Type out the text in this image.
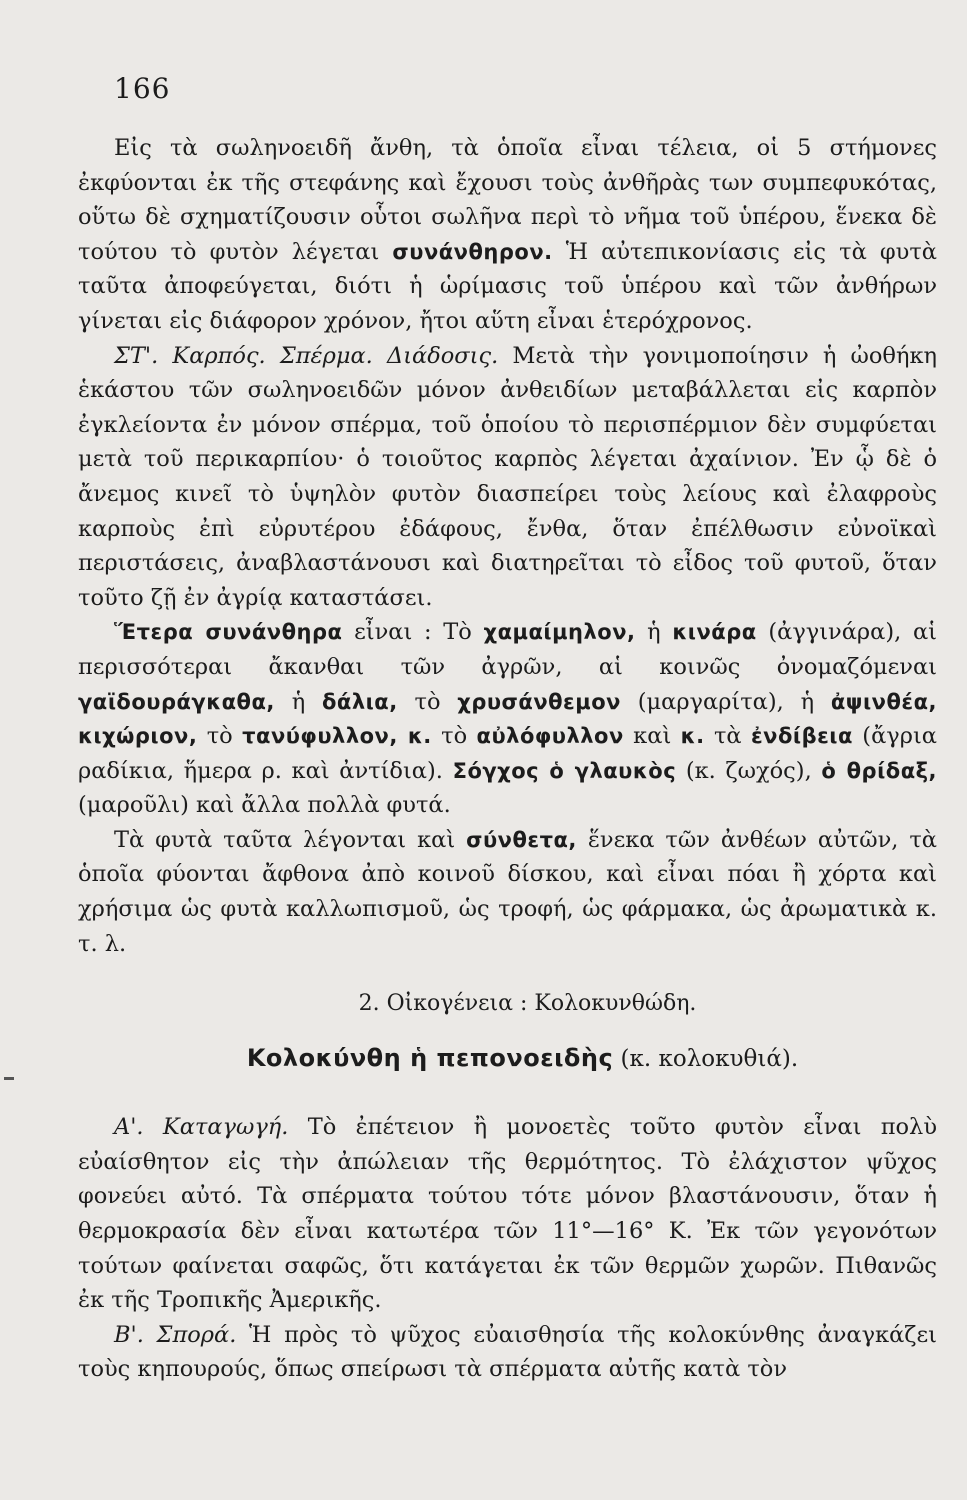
166

Εἰς τὰ σωληνοειδῆ ἄνθη, τὰ ὁποῖα εἶναι τέλεια, οἱ 5 στήμονες ἐκφύονται ἐκ τῆς στεφάνης καὶ ἔχουσι τοὺς ἀνθῆρὰς των συμπεφυκότας, οὕτω δὲ σχηματίζουσιν οὗτοι σωλῆνα περὶ τὸ νῆμα τοῦ ὑπέρου, ἕνεκα δὲ τούτου τὸ φυτὸν λέγεται συνάνθηρον. Ἡ αὐτεπικονίασις εἰς τὰ φυτὰ ταῦτα ἀποφεύγεται, διότι ἡ ὡρίμασις τοῦ ὑπέρου καὶ τῶν ἀνθήρων γίνεται εἰς διάφορον χρόνον, ἤτοι αὕτη εἶναι ἑτερόχρονος.

ΣΤ'. Καρπός. Σπέρμα. Διάδοσις. Μετὰ τὴν γονιμοποίησιν ἡ ὠοθήκη ἑκάστου τῶν σωληνοειδῶν μόνον ἀνθειδίων μεταβάλλεται εἰς καρπὸν ἐγκλείοντα ἐν μόνον σπέρμα, τοῦ ὁποίου τὸ περισπέρμιον δὲν συμφύεται μετὰ τοῦ περικαρπίου· ὁ τοιοῦτος καρπὸς λέγεται ἀχαίνιον. Ἐν ᾧ δὲ ὁ ἄνεμος κινεῖ τὸ ὑψηλὸν φυτὸν διασπείρει τοὺς λείους καὶ ἐλαφροὺς καρποὺς ἐπὶ εὐρυτέρου ἐδάφους, ἔνθα, ὅταν ἐπέλθωσιν εὐνοϊκαὶ περιστάσεις, ἀναβλαστάνουσι καὶ διατηρεῖται τὸ εἶδος τοῦ φυτοῦ, ὅταν τοῦτο ζῇ ἐν ἀγρίᾳ καταστάσει.

Ἕτερα συνάνθηρα εἶναι : Τὸ χαμαίμηλον, ἡ κινάρα (ἀγγινάρα), αἱ περισσότεραι ἄκανθαι τῶν ἀγρῶν, αἱ κοινῶς ὀνομαζόμεναι γαϊδουράγκαθα, ἡ δάλια, τὸ χρυσάνθεμον (μαργαρίτα), ἡ ἀψινθέα, κιχώριον, τὸ τανύφυλλον, κ. τὸ αὐλόφυλλον καὶ κ. τὰ ἐνδίβεια (ἄγρια ραδίκια, ἥμερα ρ. καὶ ἀντίδια). Σόγχος ὁ γλαυκὸς (κ. ζωχός), ὁ θρίδαξ, (μαροῦλι) καὶ ἄλλα πολλὰ φυτά.

Τὰ φυτὰ ταῦτα λέγονται καὶ σύνθετα, ἕνεκα τῶν ἀνθέων αὐτῶν, τὰ ὁποῖα φύονται ἄφθονα ἀπὸ κοινοῦ δίσκου, καὶ εἶναι πόαι ἢ χόρτα καὶ χρήσιμα ὡς φυτὰ καλλωπισμοῦ, ὡς τροφή, ὡς φάρμακα, ὡς ἀρωματικὰ κ. τ. λ.

2. Οἰκογένεια : Κολοκυνθώδη.
Κολοκύνθη ἡ πεπονοειδὴς (κ. κολοκυθιά).

Α'. Καταγωγή. Τὸ ἐπέτειον ἢ μονοετὲς τοῦτο φυτὸν εἶναι πολὺ εὐαίσθητον εἰς τὴν ἀπώλειαν τῆς θερμότητος. Τὸ ἐλάχιστον ψῦχος φονεύει αὐτό. Τὰ σπέρματα τούτου τότε μόνον βλαστάνουσιν, ὅταν ἡ θερμοκρασία δὲν εἶναι κατωτέρα τῶν 11°—16° Κ. Ἐκ τῶν γεγονότων τούτων φαίνεται σαφῶς, ὅτι κατάγεται ἐκ τῶν θερμῶν χωρῶν. Πιθανῶς ἐκ τῆς Τροπικῆς Ἀμερικῆς.

Β'. Σπορά. Ἡ πρὸς τὸ ψῦχος εὐαισθησία τῆς κολοκύνθης ἀναγκάζει τοὺς κηπουρούς, ὅπως σπείρωσι τὰ σπέρματα αὐτῆς κατὰ τὸν
